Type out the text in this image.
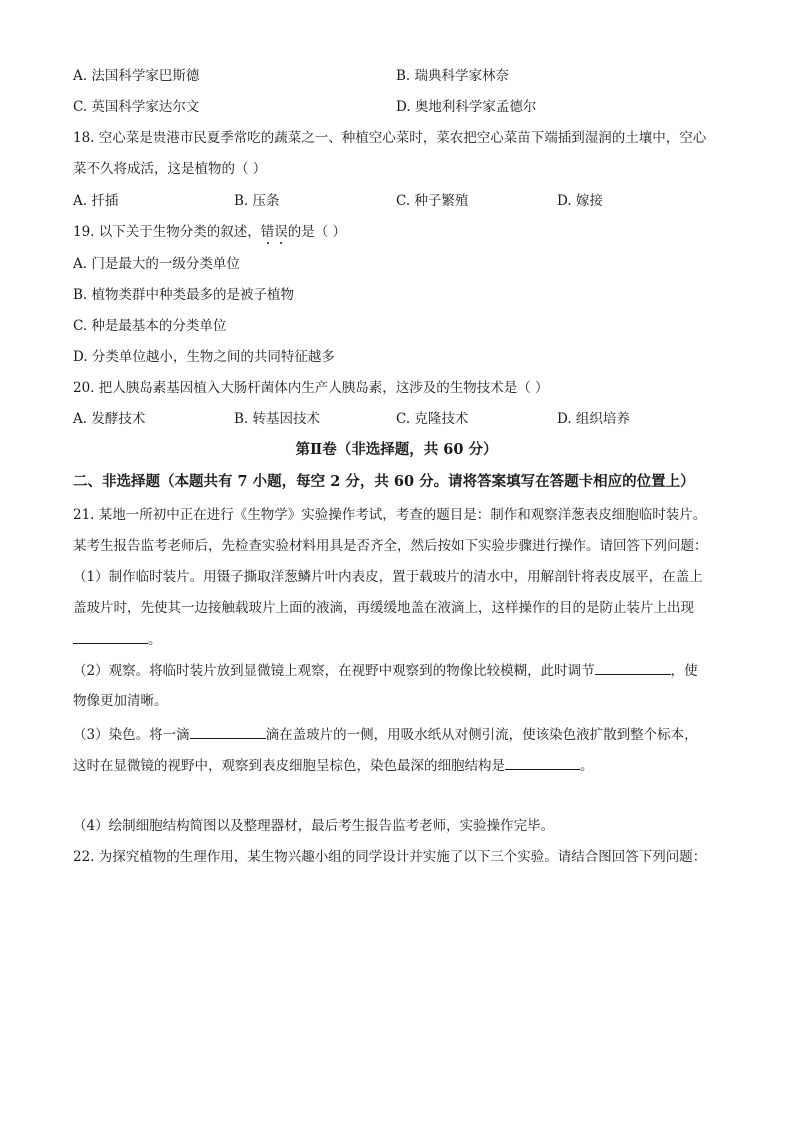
A. 法国科学家巴斯德	B. 瑞典科学家林奈
C. 英国科学家达尔文	D. 奥地利科学家孟德尔
18. 空心菜是贵港市民夏季常吃的蔬菜之一、种植空心菜时，菜农把空心菜苗下端插到湿润的土壤中，空心
菜不久将成活，这是植物的（ ）
A. 扦插	B. 压条	C. 种子繁殖	D. 嫁接
19. 以下关于生物分类的叙述，错误的是（ ）
A. 门是最大的一级分类单位
B. 植物类群中种类最多的是被子植物
C. 种是最基本的分类单位
D. 分类单位越小，生物之间的共同特征越多
20. 把人胰岛素基因植入大肠杆菌体内生产人胰岛素，这涉及的生物技术是（ ）
A. 发酵技术	B. 转基因技术	C. 克隆技术	D. 组织培养
第Ⅱ卷（非选择题，共 60 分）
二、非选择题（本题共有 7 小题，每空 2 分，共 60 分。请将答案填写在答题卡相应的位置上）
21. 某地一所初中正在进行《生物学》实验操作考试，考查的题目是：制作和观察洋葱表皮细胞临时装片。
某考生报告监考老师后，先检查实验材料用具是否齐全，然后按如下实验步骤进行操作。请回答下列问题：
（1）制作临时装片。用镊子撕取洋葱鳞片叶内表皮，置于载玻片的清水中，用解剖针将表皮展平，在盖上
盖玻片时，先使其一边接触载玻片上面的液滴，再缓缓地盖在液滴上，这样操作的目的是防止装片上出现
。
（2）观察。将临时装片放到显微镜上观察，在视野中观察到的物像比较模糊，此时调节	，使
物像更加清晰。
（3）染色。将一滴	滴在盖玻片的一侧，用吸水纸从对侧引流，使该染色液扩散到整个标本，
这时在显微镜的视野中，观察到表皮细胞呈棕色，染色最深的细胞结构是	。
（4）绘制细胞结构简图以及整理器材，最后考生报告监考老师，实验操作完毕。
22. 为探究植物的生理作用，某生物兴趣小组的同学设计并实施了以下三个实验。请结合图回答下列问题：
